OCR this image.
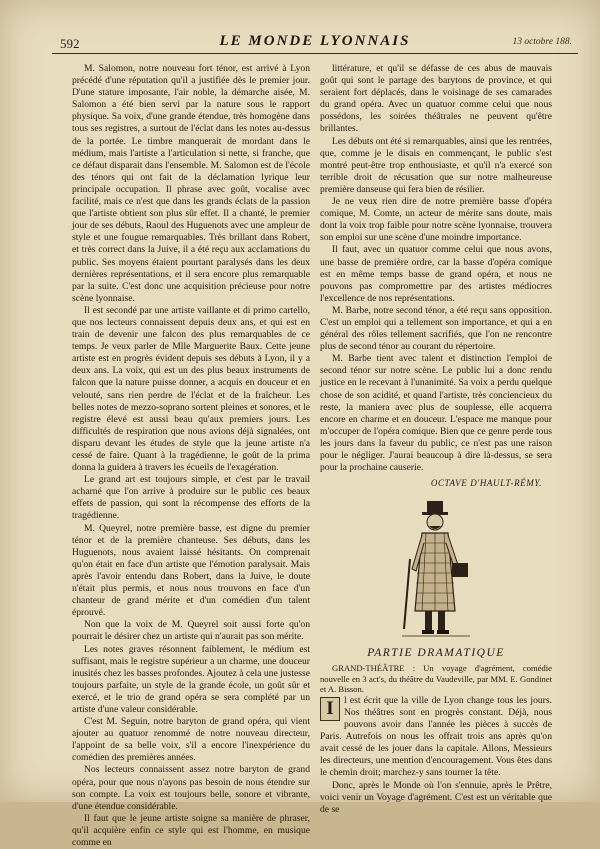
592	LE MONDE LYONNAIS	13 octobre 188.

M. Salomon, notre nouveau fort ténor, est arrivé à Lyon précédé d'une réputation qu'il a justifiée dès le premier jour. D'une stature imposante, l'air noble, la démarche aisée, M. Salomon a été bien servi par la nature sous le rapport physique. Sa voix, d'une grande étendue, très homogène dans tous ses registres, a surtout de l'éclat dans les notes au-dessus de la portée. Le timbre manquerait de mordant dans le médium, mais l'artiste a l'articulation si nette, si franche, que ce défaut disparait dans l'ensemble. M. Salomon est de l'école des ténors qui ont fait de la déclamation lyrique leur principale occupation. Il phrase avec goût, vocalise avec facilité, mais ce n'est que dans les grands éclats de la passion que l'artiste obtient son plus sûr effet. Il a chanté, le premier jour de ses débuts, Raoul des Huguenots avec une ampleur de style et une fougue remarquables. Très brillant dans Robert, et très correct dans la Juive, il a été reçu aux acclamations du public. Ses moyens étaient pourtant paralysés dans les deux dernières représentations, et il sera encore plus remarquable par la suite. C'est donc une acquisition précieuse pour notre scène lyonnaise.

Il est secondé par une artiste vaillante et di primo cartello, que nos lecteurs connaissent depuis deux ans, et qui est en train de devenir une falcon des plus remarquables de ce temps. Je veux parler de Mlle Marguerite Baux. Cette jeune artiste est en progrès évident depuis ses débuts à Lyon, il y a deux ans. La voix, qui est un des plus beaux instruments de falcon que la nature puisse donner, a acquis en douceur et en velouté, sans rien perdre de l'éclat et de la fraîcheur. Les belles notes de mezzo-soprano sortent pleines et sonores, et le registre élevé est aussi beau qu'aux premiers jours. Les difficultés de respiration que nous avions déjà signalées, ont disparu devant les études de style que la jeune artiste n'a cessé de faire. Quant à la tragédienne, le goût de la prima donna la guidera à travers les écueils de l'exagération.

Le grand art est toujours simple, et c'est par le travail acharné que l'on arrive à produire sur le public ces beaux effets de passion, qui sont la récompense des efforts de la tragédienne.

M. Queyrel, notre première basse, est digne du premier ténor et de la première chanteuse. Ses débuts, dans les Huguenots, nous avaient laissé hésitants. On comprenait qu'on était en face d'un artiste que l'émotion paralysait. Mais après l'avoir entendu dans Robert, dans la Juive, le doute n'était plus permis, et nous nous trouvons en face d'un chanteur de grand mérite et d'un comédien d'un talent éprouvé.

Non que la voix de M. Queyrel soit aussi forte qu'on pourrait le désirer chez un artiste qui n'aurait pas son mérite.

Les notes graves résonnent faiblement, le médium est suffisant, mais le registre supérieur a un charme, une douceur inusités chez les basses profondes. Ajoutez à cela une justesse toujours parfaite, un style de la grande école, un goût sûr et exercé, et le trio de grand opéra se sera complété par un artiste d'une valeur considérable.

C'est M. Seguin, notre baryton de grand opéra, qui vient ajouter au quatuor renommé de notre nouveau directeur, l'appoint de sa belle voix, s'il a encore l'inexpérience du comédien des premières années.

Nos lecteurs connaissent assez notre baryton de grand opéra, pour que nous n'ayons pas besoin de nous étendre sur son compte. La voix est toujours belle, sonore et vibrante, d'une étendue considérable.

Il faut que le jeune artiste soigne sa manière de phraser, qu'il acquière enfin ce style qui est l'homme, en musique comme en

littérature, et qu'il se défasse de ces abus de mauvais goût qui sont le partage des barytons de province, et qui seraient fort déplacés, dans le voisinage de ses camarades du grand opéra. Avec un quatuor comme celui que nous possédons, les soirées théâtrales ne peuvent qu'être brillantes.

Les débuts ont été si remarquables, ainsi que les rentrées, que, comme je le disais en commençant, le public s'est montré peut-être trop enthousiaste, et qu'il n'a exercé son terrible droit de récusation que sur notre malheureuse première danseuse qui fera bien de résilier.

Je ne veux rien dire de notre première basse d'opéra comique, M. Comte, un acteur de mérite sans doute, mais dont la voix trop faible pour notre scène lyonnaise, trouvera son emploi sur une scène d'une moindre importance.

Il faut, avec un quatuor comme celui que nous avons, une basse de première ordre, car la basse d'opéra comique est en même temps basse de grand opéra, et nous ne pouvons pas compromettre par des artistes médiocres l'excellence de nos représentations.

M. Barbe, notre second ténor, a été reçu sans opposition. C'est un emploi qui a tellement son importance, et qui a en général des rôles tellement sacrifiés, que l'on ne rencontre plus de second ténor au courant du répertoire.

M. Barbe tient avec talent et distinction l'emploi de second ténor sur notre scène. Le public lui a donc rendu justice en le recevant à l'unanimité. Sa voix a perdu quelque chose de son acidité, et quand l'artiste, très conciencieux du reste, la maniera avec plus de souplesse, elle acquerra encore en charme et en douceur. L'espace me manque pour m'occuper de l'opéra comique. Bien que ce genre perde tous les jours dans la faveur du public, ce n'est pas une raison pour le négliger. J'aurai beaucoup à dire là-dessus, se sera pour la prochaine causerie.

OCTAVE D'HAULT-RÉMY.
PARTIE DRAMATIQUE

GRAND-THÉÂTRE : Un voyage d'agrément, comédie nouvelle en 3 act's, du théâtre du Vaudeville, par MM. E. Gondinet et A. Bisson.

I	l est écrit que la ville de Lyon change tous les jours. Nos théâtres sont en progrès constant. Déjà, nous pouvons avoir dans l'année les pièces à succès de Paris. Autrefois on nous les offrait trois ans après qu'on avait cessé de les jouer dans la capitale. Allons, Messieurs les directeurs, une mention d'encouragement. Vous êtes dans le chemin droit; marchez-y sans tourner la tête.

Donc, après le Monde où l'on s'ennuie, après le Prêtre, voici venir un Voyage d'agrément. C'est est un véritable que de se
